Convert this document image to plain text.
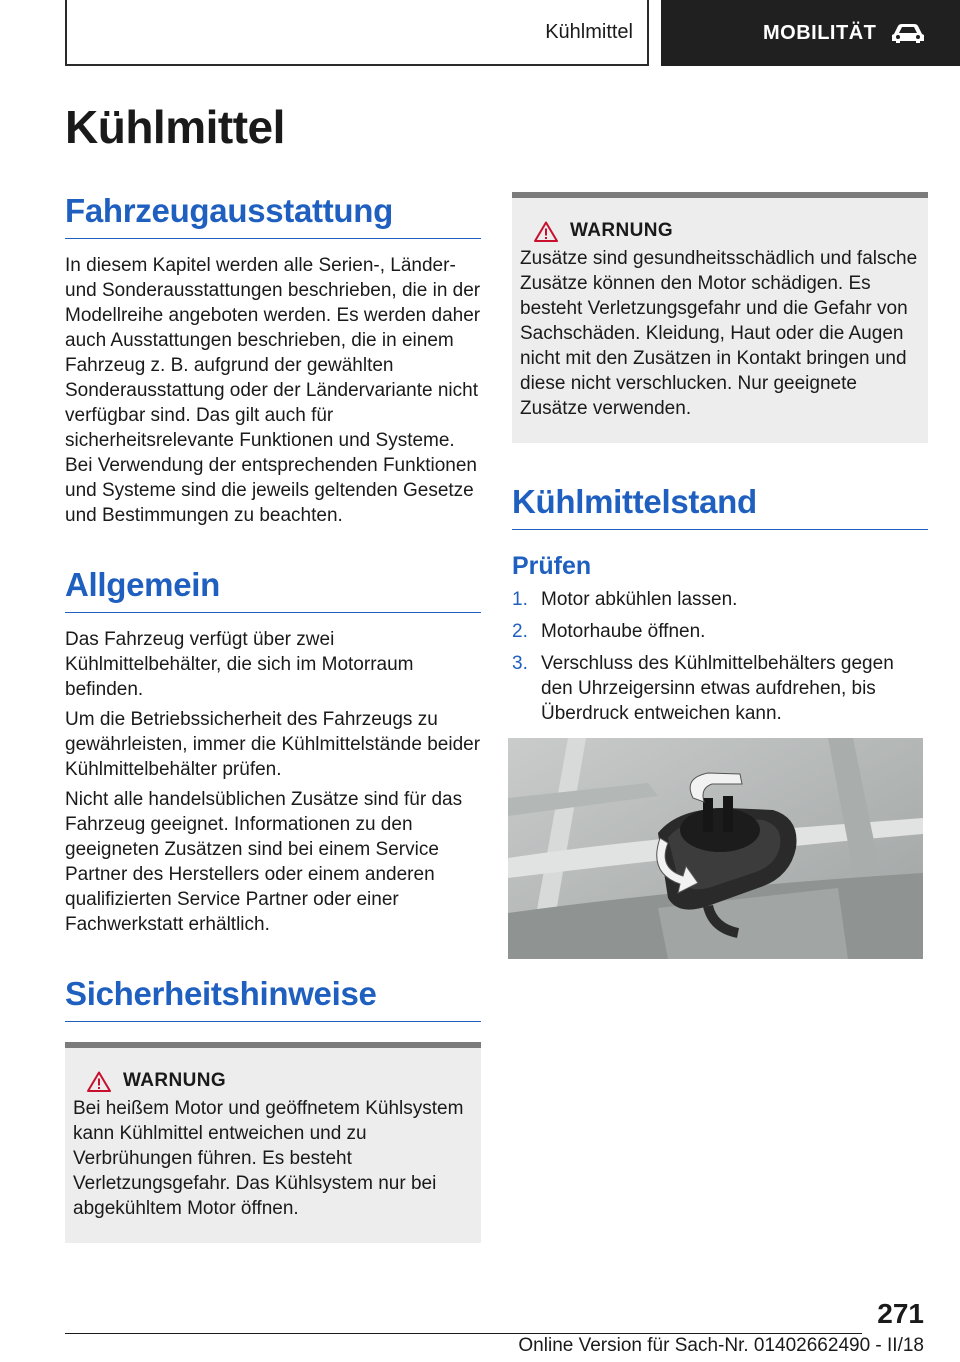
Kühlmittel	MOBILITÄT
Kühlmittel
Fahrzeugausstattung

In diesem Kapitel werden alle Serien-, Länder- und Sonderausstattungen beschrieben, die in der Modellreihe angeboten werden. Es werden daher auch Ausstattungen beschrieben, die in einem Fahrzeug z. B. aufgrund der gewählten Sonderausstattung oder der Ländervariante nicht verfügbar sind. Das gilt auch für sicherheitsrelevante Funktionen und Systeme. Bei Verwendung der entsprechenden Funktionen und Systeme sind die jeweils geltenden Gesetze und Bestimmungen zu beachten.

Allgemein

Das Fahrzeug verfügt über zwei Kühlmittelbehälter, die sich im Motorraum befinden.

Um die Betriebssicherheit des Fahrzeugs zu gewährleisten, immer die Kühlmittelstände beider Kühlmittelbehälter prüfen.

Nicht alle handelsüblichen Zusätze sind für das Fahrzeug geeignet. Informationen zu den geeigneten Zusätzen sind bei einem Service Partner des Herstellers oder einem anderen qualifizierten Service Partner oder einer Fachwerkstatt erhältlich.

Sicherheitshinweise
WARNUNG

Bei heißem Motor und geöffnetem Kühlsystem kann Kühlmittel entweichen und zu Verbrühungen führen. Es besteht Verletzungsgefahr. Das Kühlsystem nur bei abgekühltem Motor öffnen.

WARNUNG

Zusätze sind gesundheitsschädlich und falsche Zusätze können den Motor schädigen. Es besteht Verletzungsgefahr und die Gefahr von Sachschäden. Kleidung, Haut oder die Augen nicht mit den Zusätzen in Kontakt bringen und diese nicht verschlucken. Nur geeignete Zusätze verwenden.

Kühlmittelstand
Prüfen
1. Motor abkühlen lassen.
2. Motorhaube öffnen.
3. Verschluss des Kühlmittelbehälters gegen den Uhrzeigersinn etwas aufdrehen, bis Überdruck entweichen kann.
271
Online Version für Sach-Nr. 01402662490 - II/18
